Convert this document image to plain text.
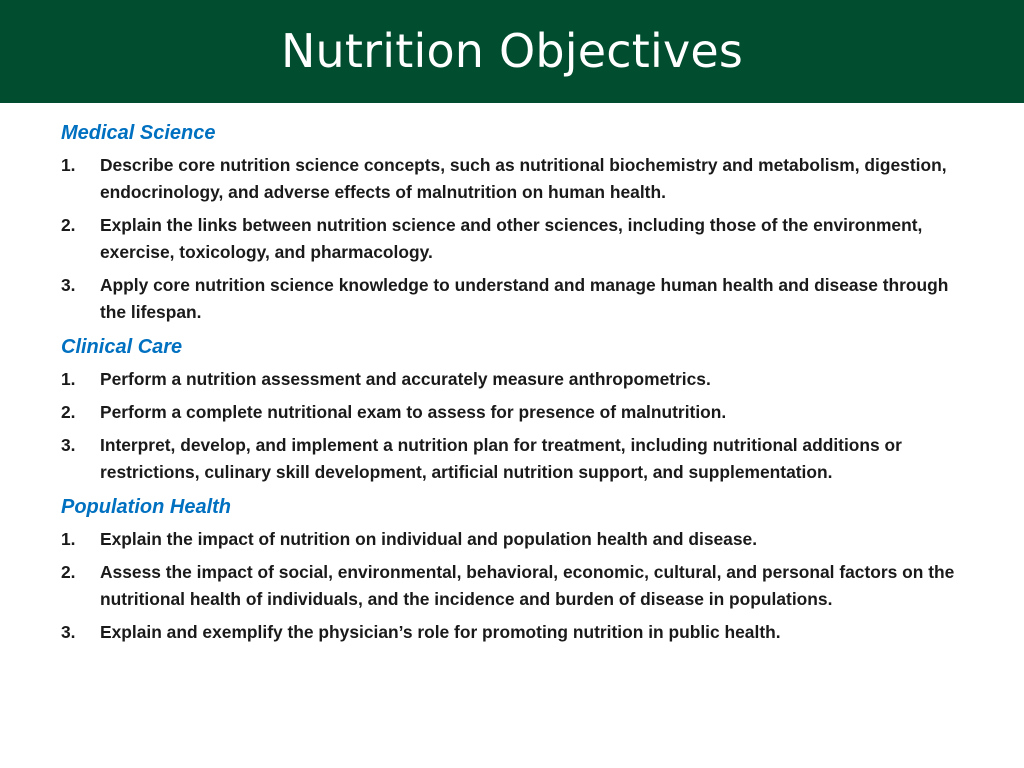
Nutrition Objectives
Medical Science
1.	Describe core nutrition science concepts, such as nutritional biochemistry and metabolism, digestion, endocrinology, and adverse effects of malnutrition on human health.
2.	Explain the links between nutrition science and other sciences, including those of the environment, exercise, toxicology, and pharmacology.
3.	Apply core nutrition science knowledge to understand and manage human health and disease through the lifespan.
Clinical Care
1.	Perform a nutrition assessment and accurately measure anthropometrics.
2.	Perform a complete nutritional exam to assess for presence of malnutrition.
3.	Interpret, develop, and implement a nutrition plan for treatment, including nutritional additions or restrictions, culinary skill development, artificial nutrition support, and supplementation.
Population Health
1.	Explain the impact of nutrition on individual and population health and disease.
2.	Assess the impact of social, environmental, behavioral, economic, cultural, and personal factors on the nutritional health of individuals, and the incidence and burden of disease in populations.
3.	Explain and exemplify the physician’s role for promoting nutrition in public health.
